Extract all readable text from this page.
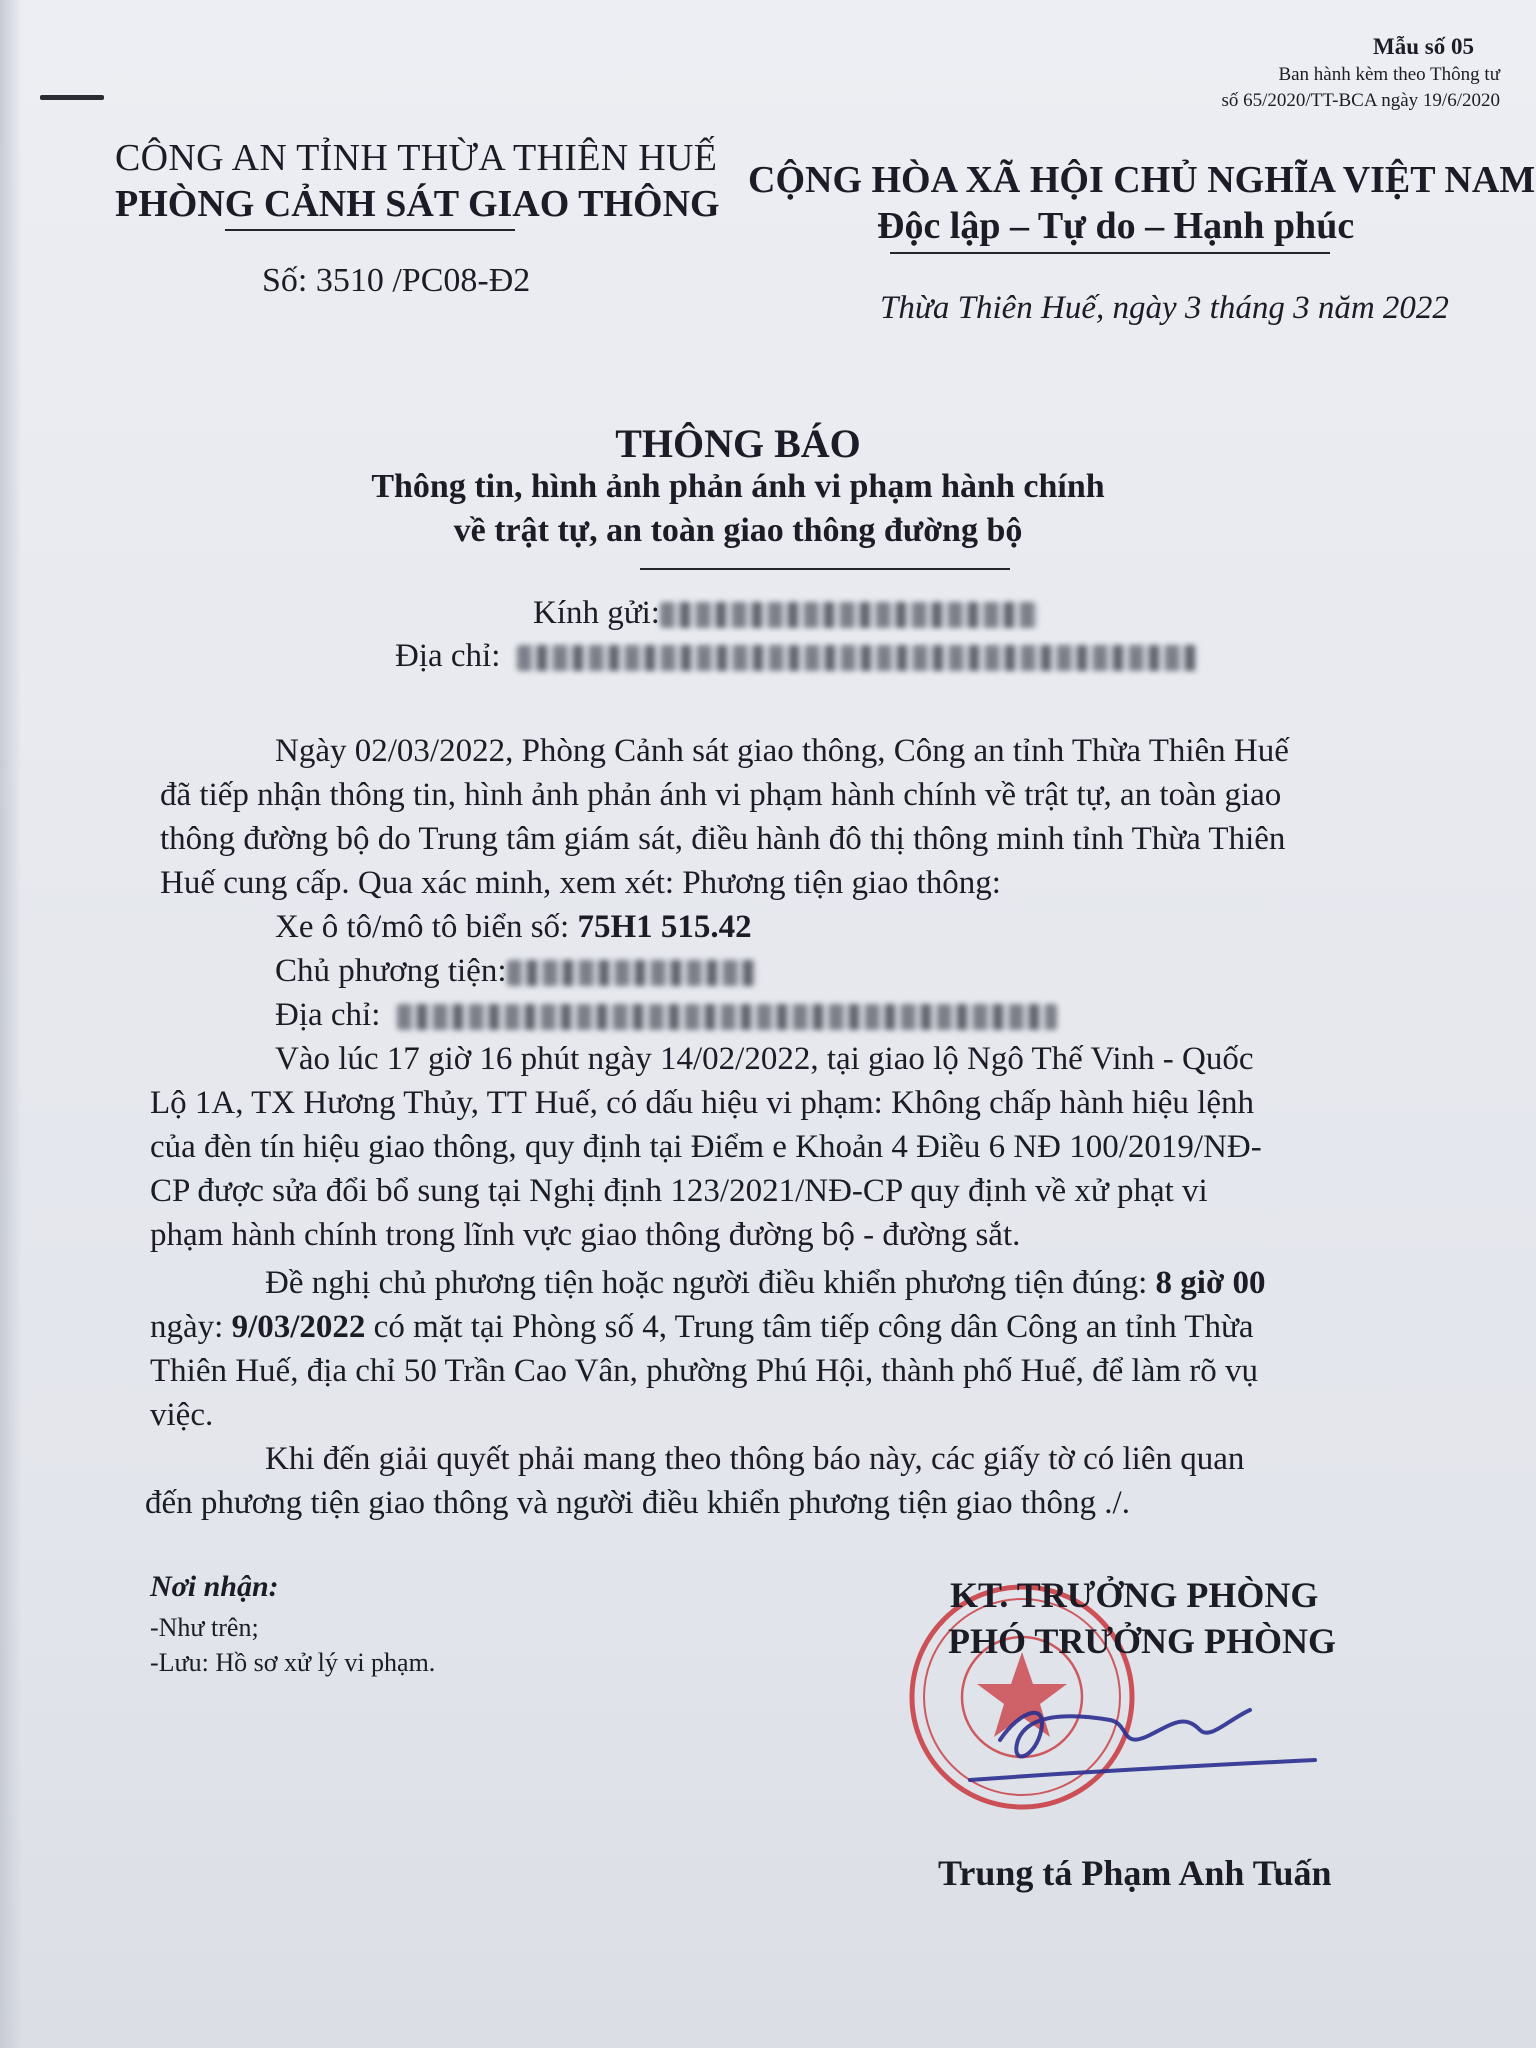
Mẫu số 05
Ban hành kèm theo Thông tư
số 65/2020/TT-BCA ngày 19/6/2020
CÔNG AN TỈNH THỪA THIÊN HUẾ
PHÒNG CẢNH SÁT GIAO THÔNG
Số: 3510 /PC08-Đ2
CỘNG HÒA XÃ HỘI CHỦ NGHĨA VIỆT NAM
Độc lập – Tự do – Hạnh phúc
Thừa Thiên Huế, ngày 3 tháng 3 năm 2022
THÔNG BÁO
Thông tin, hình ảnh phản ánh vi phạm hành chính
về trật tự, an toàn giao thông đường bộ
Kính gửi:
Địa chỉ:
Ngày 02/03/2022, Phòng Cảnh sát giao thông, Công an tỉnh Thừa Thiên Huế
đã tiếp nhận thông tin, hình ảnh phản ánh vi phạm hành chính về trật tự, an toàn giao
thông đường bộ do Trung tâm giám sát, điều hành đô thị thông minh tỉnh Thừa Thiên
Huế cung cấp. Qua xác minh, xem xét: Phương tiện giao thông:
Xe ô tô/mô tô biển số: 75H1 515.42
Chủ phương tiện:
Địa chỉ:
Vào lúc 17 giờ 16 phút ngày 14/02/2022, tại giao lộ Ngô Thế Vinh - Quốc
Lộ 1A, TX Hương Thủy, TT Huế, có dấu hiệu vi phạm: Không chấp hành hiệu lệnh
của đèn tín hiệu giao thông, quy định tại Điểm e Khoản 4 Điều 6 NĐ 100/2019/NĐ-
CP được sửa đổi bổ sung tại Nghị định 123/2021/NĐ-CP quy định về xử phạt vi
phạm hành chính trong lĩnh vực giao thông đường bộ - đường sắt.
Đề nghị chủ phương tiện hoặc người điều khiển phương tiện đúng: 8 giờ 00
ngày: 9/03/2022 có mặt tại Phòng số 4, Trung tâm tiếp công dân Công an tỉnh Thừa
Thiên Huế, địa chỉ 50 Trần Cao Vân, phường Phú Hội, thành phố Huế, để làm rõ vụ
việc.
Khi đến giải quyết phải mang theo thông báo này, các giấy tờ có liên quan
đến phương tiện giao thông và người điều khiển phương tiện giao thông ./.
Nơi nhận:
-Như trên;
-Lưu: Hồ sơ xử lý vi phạm.
KT. TRƯỞNG PHÒNG
PHÓ TRƯỞNG PHÒNG
Trung tá Phạm Anh Tuấn
